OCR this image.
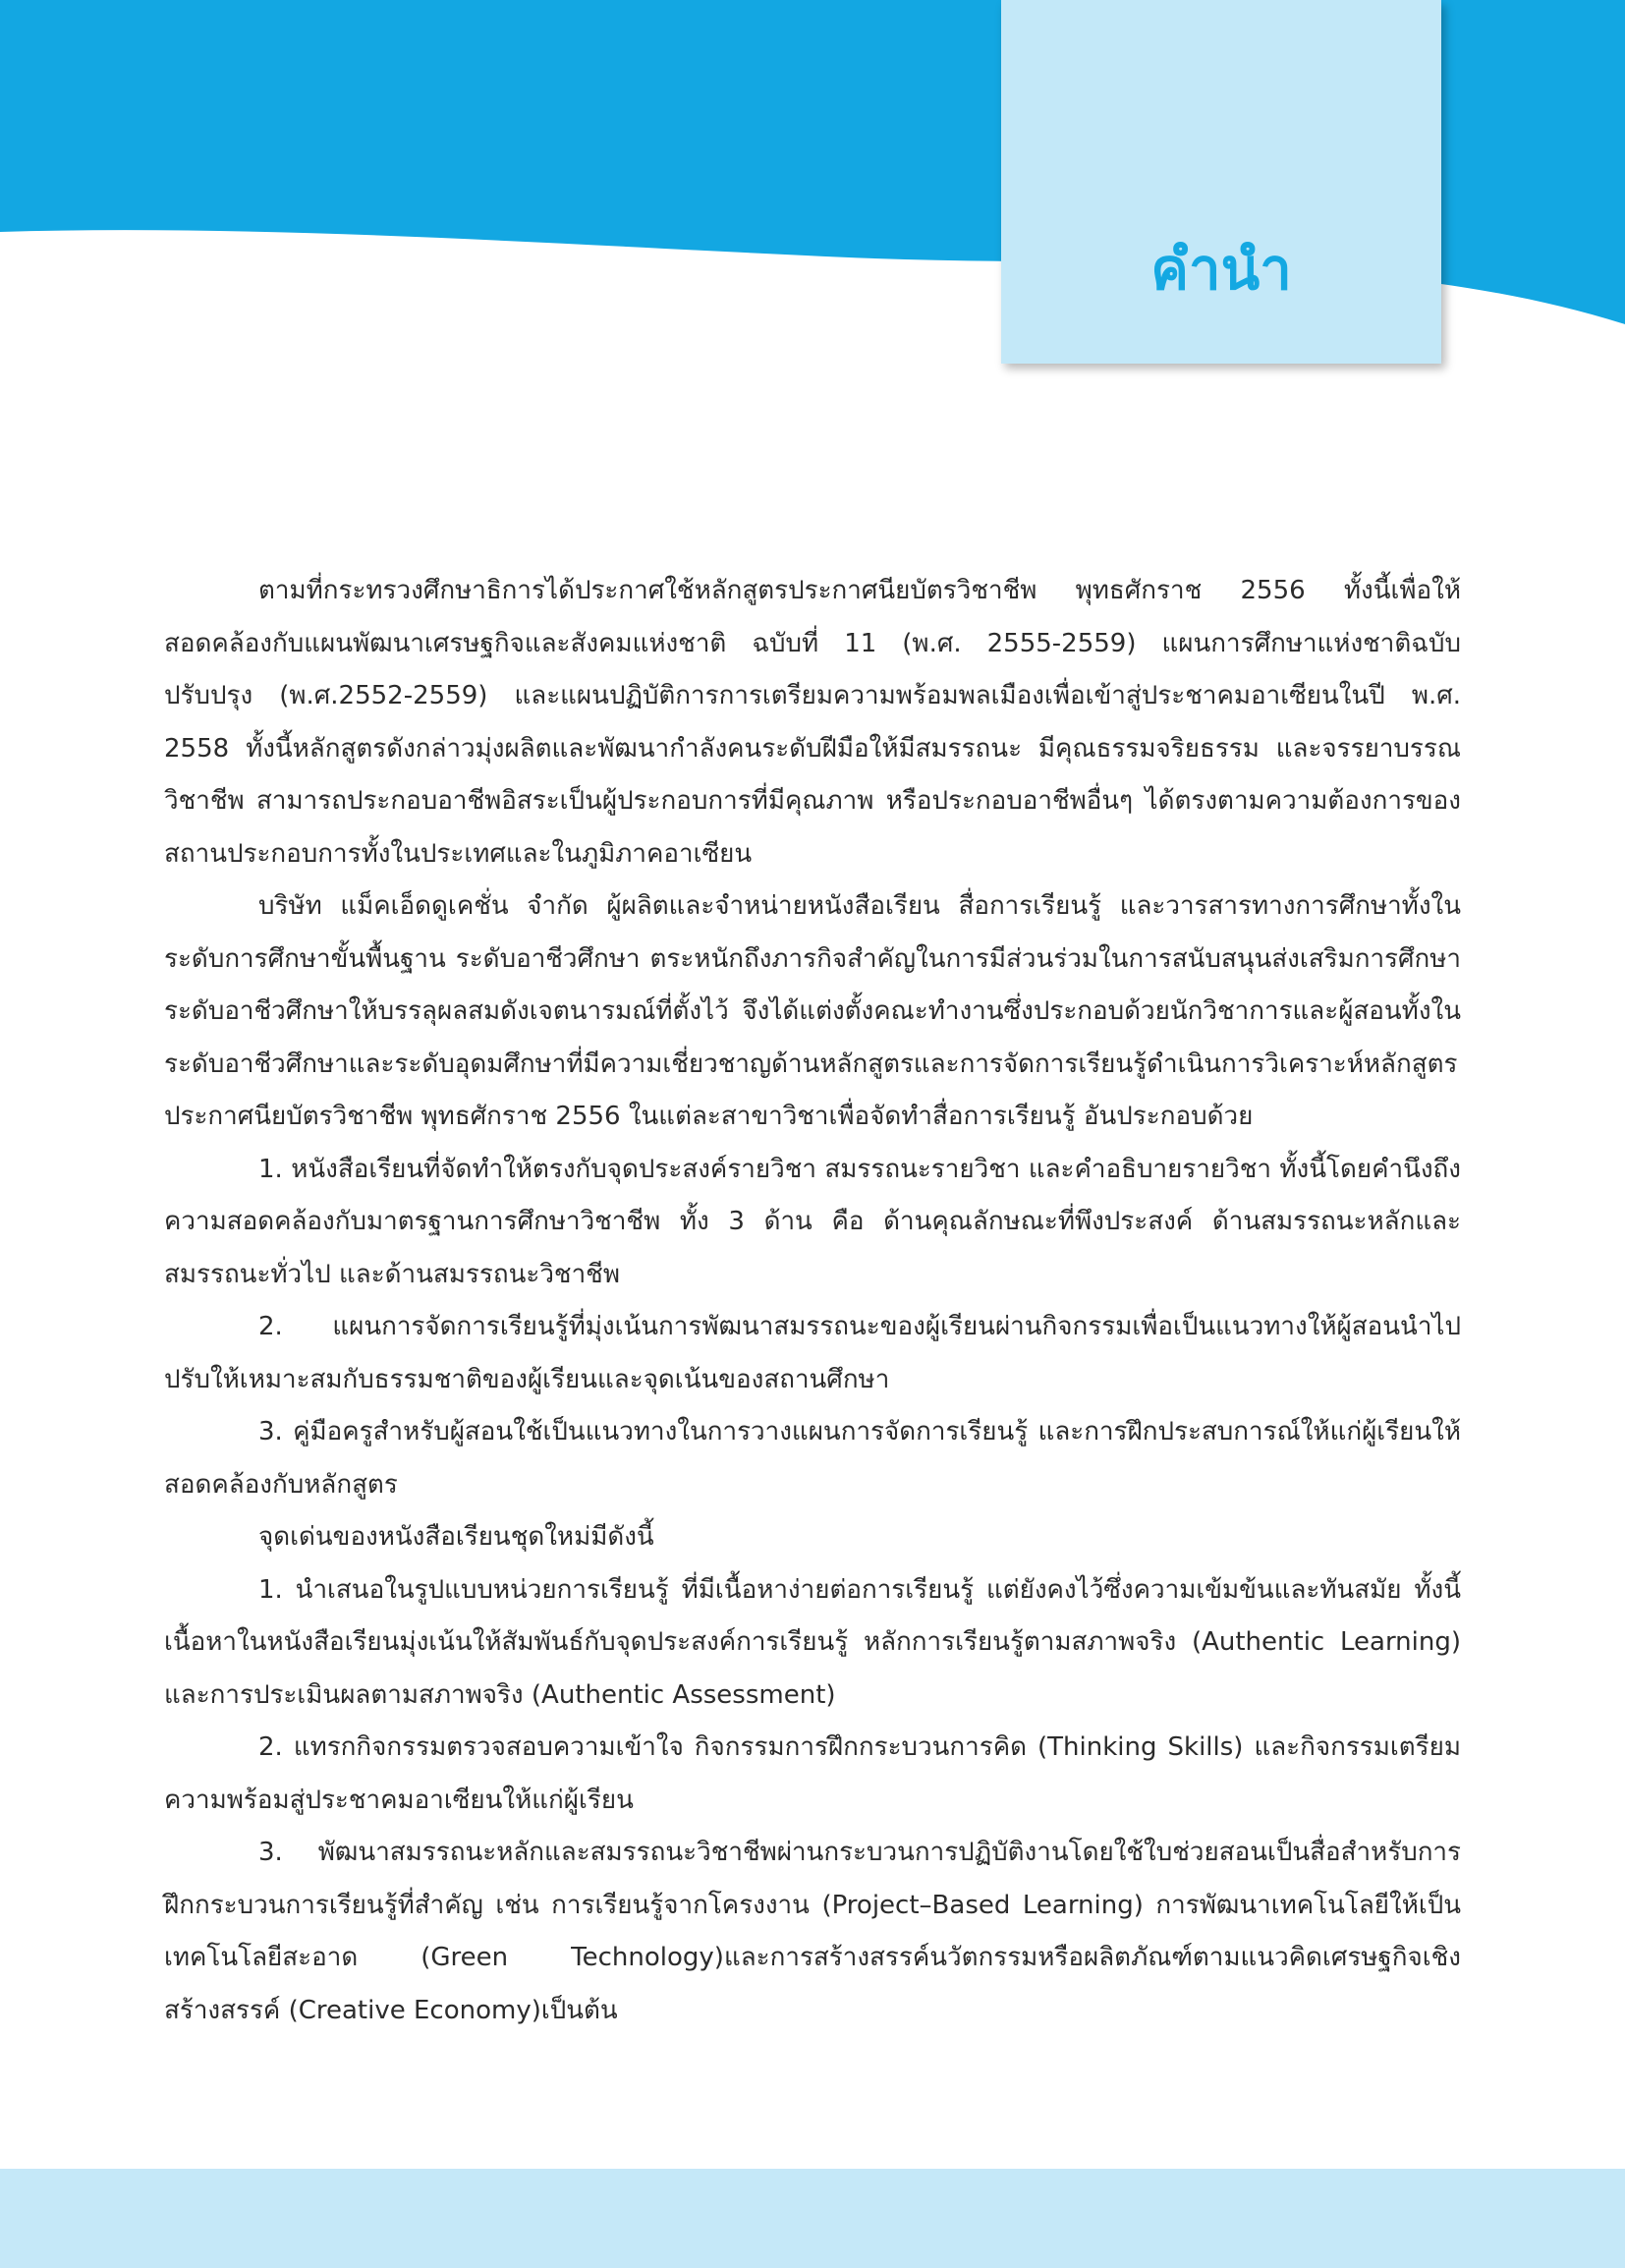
คำนำ

ตามที่กระทรวงศึกษาธิการได้ประกาศใช้หลักสูตรประกาศนียบัตรวิชาชีพ พุทธศักราช 2556 ทั้งนี้เพื่อให้สอดคล้องกับแผนพัฒนาเศรษฐกิจและสังคมแห่งชาติ ฉบับที่ 11 (พ.ศ. 2555-2559) แผนการศึกษาแห่งชาติฉบับปรับปรุง (พ.ศ.2552-2559) และแผนปฏิบัติการการเตรียมความพร้อมพลเมืองเพื่อเข้าสู่ประชาคมอาเซียนในปี พ.ศ. 2558 ทั้งนี้หลักสูตรดังกล่าวมุ่งผลิตและพัฒนากำลังคนระดับฝีมือให้มีสมรรถนะ มีคุณธรรมจริยธรรม และจรรยาบรรณวิชาชีพ สามารถประกอบอาชีพอิสระเป็นผู้ประกอบการที่มีคุณภาพ หรือประกอบอาชีพอื่นๆ ได้ตรงตามความต้องการของสถานประกอบการทั้งในประเทศและในภูมิภาคอาเซียน

บริษัท แม็คเอ็ดดูเคชั่น จำกัด ผู้ผลิตและจำหน่ายหนังสือเรียน สื่อการเรียนรู้ และวารสารทางการศึกษาทั้งในระดับการศึกษาขั้นพื้นฐาน ระดับอาชีวศึกษา ตระหนักถึงภารกิจสำคัญในการมีส่วนร่วมในการสนับสนุนส่งเสริมการศึกษาระดับอาชีวศึกษาให้บรรลุผลสมดังเจตนารมณ์ที่ตั้งไว้ จึงได้แต่งตั้งคณะทำงานซึ่งประกอบด้วยนักวิชาการและผู้สอนทั้งในระดับอาชีวศึกษาและระดับอุดมศึกษาที่มีความเชี่ยวชาญด้านหลักสูตรและการจัดการเรียนรู้ดำเนินการวิเคราะห์หลักสูตรประกาศนียบัตรวิชาชีพ พุทธศักราช 2556 ในแต่ละสาขาวิชาเพื่อจัดทำสื่อการเรียนรู้ อันประกอบด้วย

1. หนังสือเรียนที่จัดทำให้ตรงกับจุดประสงค์รายวิชา สมรรถนะรายวิชา และคำอธิบายรายวิชา ทั้งนี้โดยคำนึงถึงความสอดคล้องกับมาตรฐานการศึกษาวิชาชีพ ทั้ง 3 ด้าน คือ ด้านคุณลักษณะที่พึงประสงค์ ด้านสมรรถนะหลักและสมรรถนะทั่วไป และด้านสมรรถนะวิชาชีพ

2. แผนการจัดการเรียนรู้ที่มุ่งเน้นการพัฒนาสมรรถนะของผู้เรียนผ่านกิจกรรมเพื่อเป็นแนวทางให้ผู้สอนนำไปปรับให้เหมาะสมกับธรรมชาติของผู้เรียนและจุดเน้นของสถานศึกษา

3. คู่มือครูสำหรับผู้สอนใช้เป็นแนวทางในการวางแผนการจัดการเรียนรู้ และการฝึกประสบการณ์ให้แก่ผู้เรียนให้สอดคล้องกับหลักสูตร

จุดเด่นของหนังสือเรียนชุดใหม่มีดังนี้

1. นำเสนอในรูปแบบหน่วยการเรียนรู้ ที่มีเนื้อหาง่ายต่อการเรียนรู้ แต่ยังคงไว้ซึ่งความเข้มข้นและทันสมัย ทั้งนี้เนื้อหาในหนังสือเรียนมุ่งเน้นให้สัมพันธ์กับจุดประสงค์การเรียนรู้ หลักการเรียนรู้ตามสภาพจริง (Authentic Learning) และการประเมินผลตามสภาพจริง (Authentic Assessment)

2. แทรกกิจกรรมตรวจสอบความเข้าใจ กิจกรรมการฝึกกระบวนการคิด (Thinking Skills) และกิจกรรมเตรียมความพร้อมสู่ประชาคมอาเซียนให้แก่ผู้เรียน

3. พัฒนาสมรรถนะหลักและสมรรถนะวิชาชีพผ่านกระบวนการปฏิบัติงานโดยใช้ใบช่วยสอนเป็นสื่อสำหรับการฝึกกระบวนการเรียนรู้ที่สำคัญ เช่น การเรียนรู้จากโครงงาน (Project–Based Learning) การพัฒนาเทคโนโลยีให้เป็นเทคโนโลยีสะอาด (Green Technology)และการสร้างสรรค์นวัตกรรมหรือผลิตภัณฑ์ตามแนวคิดเศรษฐกิจเชิงสร้างสรรค์ (Creative Economy)เป็นต้น
